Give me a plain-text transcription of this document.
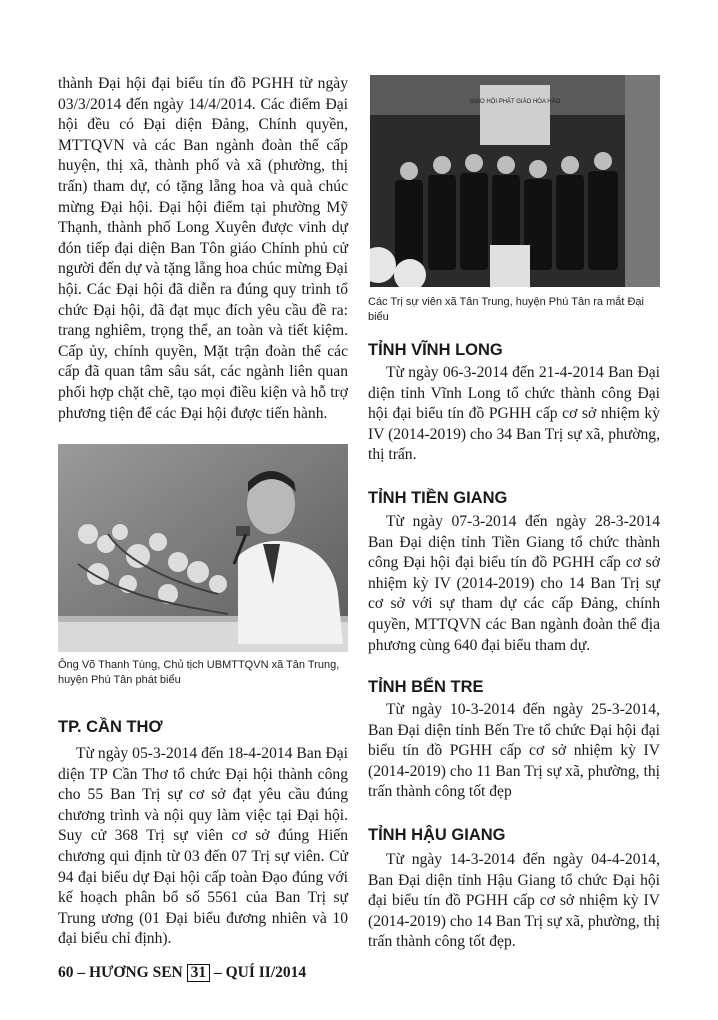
thành Đại hội đại biểu tín đồ PGHH từ ngày 03/3/2014 đến ngày 14/4/2014. Các điểm Đại hội đều có Đại diện Đảng, Chính quyền, MTTQVN và các Ban ngành đoàn thể cấp huyện, thị xã, thành phố và xã (phường, thị trấn) tham dự, có tặng lẵng hoa và quà chúc mừng Đại hội. Đại hội điểm tại phường Mỹ Thạnh, thành phố Long Xuyên được vinh dự đón tiếp đại diện Ban Tôn giáo Chính phủ cử người đến dự và tặng lẵng hoa chúc mừng Đại hội. Các Đại hội đã diễn ra đúng quy trình tổ chức Đại hội, đã đạt mục đích yêu cầu đề ra: trang nghiêm, trọng thể, an toàn và tiết kiệm. Cấp ủy, chính quyền, Mặt trận đoàn thể các cấp đã quan tâm sâu sát, các ngành liên quan phối hợp chặt chẽ, tạo mọi điều kiện và hỗ trợ phương tiện để các Đại hội được tiến hành.

Ông Võ Thanh Tùng, Chủ tịch UBMTTQVN xã Tân Trung, huyện Phú Tân phát biểu

TP. CẦN THƠ

Từ ngày 05-3-2014 đến 18-4-2014 Ban Đại diện TP Cần Thơ tổ chức Đại hội thành công cho 55 Ban Trị sự cơ sở đạt yêu cầu đúng chương trình và nội quy làm việc tại Đại hội. Suy cử 368 Trị sự viên cơ sở đúng Hiến chương qui định từ 03 đến 07 Trị sự viên. Cử 94 đại biểu dự Đại hội cấp toàn Đạo đúng với kế hoạch phân bổ số 5561 của Ban Trị sự Trung ương (01 Đại biểu đương nhiên và 10 đại biểu chỉ định).

GIÁO HỘI PHẬT GIÁO HÒA HẢO

Các Trị sự viên xã Tân Trung, huyện Phú Tân ra mắt Đại biểu

TỈNH VĨNH LONG

Từ ngày 06-3-2014 đến 21-4-2014 Ban Đại diện tỉnh Vĩnh Long tổ chức thành công Đại hội đại biểu tín đồ PGHH cấp cơ sở nhiệm kỳ IV (2014-2019) cho 34 Ban Trị sự xã, phường, thị trấn.

TỈNH TIỀN GIANG

Từ ngày 07-3-2014 đến ngày 28-3-2014 Ban Đại diện tỉnh Tiền Giang tổ chức thành công Đại hội đại biểu tín đồ PGHH cấp cơ sở nhiệm kỳ IV (2014-2019) cho 14 Ban Trị sự cơ sở với sự tham dự các cấp Đảng, chính quyền, MTTQVN các Ban ngành đoàn thể địa phương cùng 640 đại biểu tham dự.

TỈNH BẾN TRE

Từ ngày 10-3-2014 đến ngày 25-3-2014, Ban Đại diện tỉnh Bến Tre tổ chức Đại hội đại biểu tín đồ PGHH cấp cơ sở nhiệm kỳ IV (2014-2019) cho 11 Ban Trị sự xã, phường, thị trấn thành công tốt đẹp

TỈNH HẬU GIANG

Từ ngày 14-3-2014 đến ngày 04-4-2014, Ban Đại diện tỉnh Hậu Giang tổ chức Đại hội đại biểu tín đồ PGHH cấp cơ sở nhiệm kỳ IV (2014-2019) cho 14 Ban Trị sự xã, phường, thị trấn thành công tốt đẹp.

60 – HƯƠNG SEN 31 – QUÍ II/2014
